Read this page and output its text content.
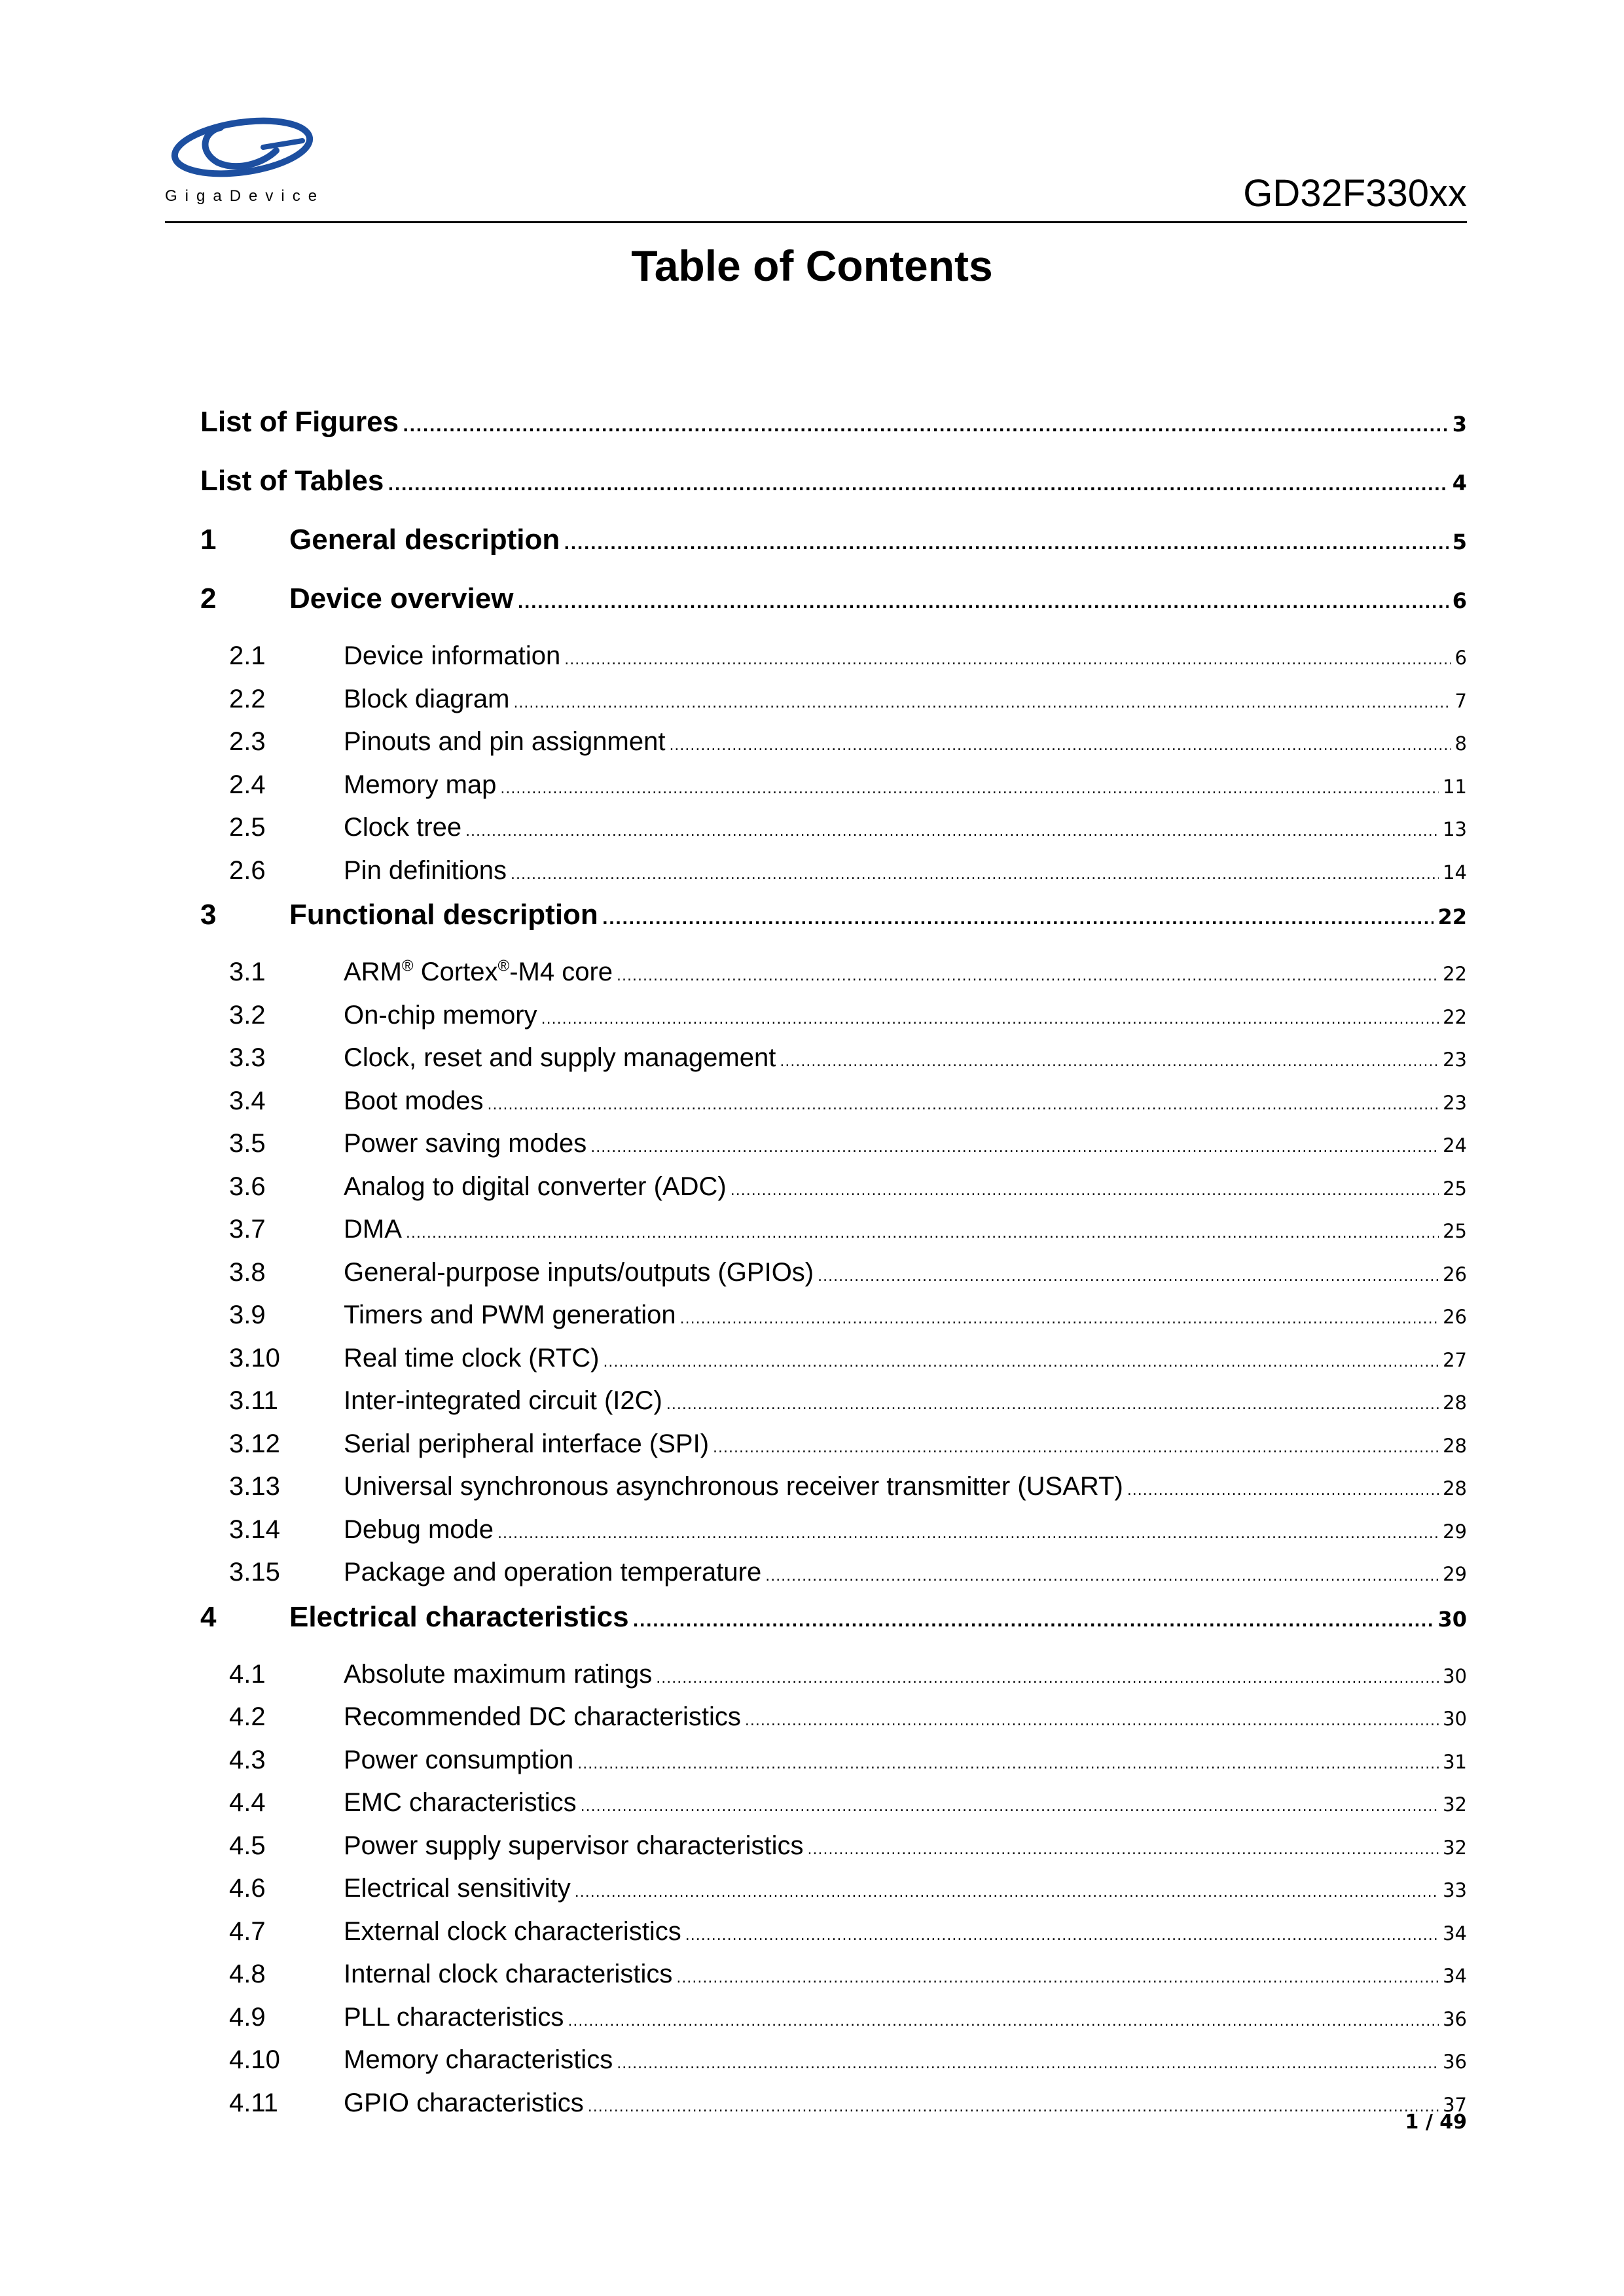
GigaDevice	GD32F330xx
Table of Contents
List of Figures .....	3
List of Tables .....	4
1	General description .....	5
2	Device overview .....	6
2.1	Device information .....	6
2.2	Block diagram .....	7
2.3	Pinouts and pin assignment .....	8
2.4	Memory map .....	11
2.5	Clock tree .....	13
2.6	Pin definitions .....	14
3	Functional description .....	22
3.1	ARM® Cortex®-M4 core .....	22
3.2	On-chip memory .....	22
3.3	Clock, reset and supply management .....	23
3.4	Boot modes .....	23
3.5	Power saving modes .....	24
3.6	Analog to digital converter (ADC) .....	25
3.7	DMA .....	25
3.8	General-purpose inputs/outputs (GPIOs) .....	26
3.9	Timers and PWM generation .....	26
3.10	Real time clock (RTC) .....	27
3.11	Inter-integrated circuit (I2C) .....	28
3.12	Serial peripheral interface (SPI) .....	28
3.13	Universal synchronous asynchronous receiver transmitter (USART) .....	28
3.14	Debug mode .....	29
3.15	Package and operation temperature .....	29
4	Electrical characteristics .....	30
4.1	Absolute maximum ratings .....	30
4.2	Recommended DC characteristics .....	30
4.3	Power consumption .....	31
4.4	EMC characteristics .....	32
4.5	Power supply supervisor characteristics .....	32
4.6	Electrical sensitivity .....	33
4.7	External clock characteristics .....	34
4.8	Internal clock characteristics .....	34
4.9	PLL characteristics .....	36
4.10	Memory characteristics .....	36
4.11	GPIO characteristics .....	37
1 / 49
